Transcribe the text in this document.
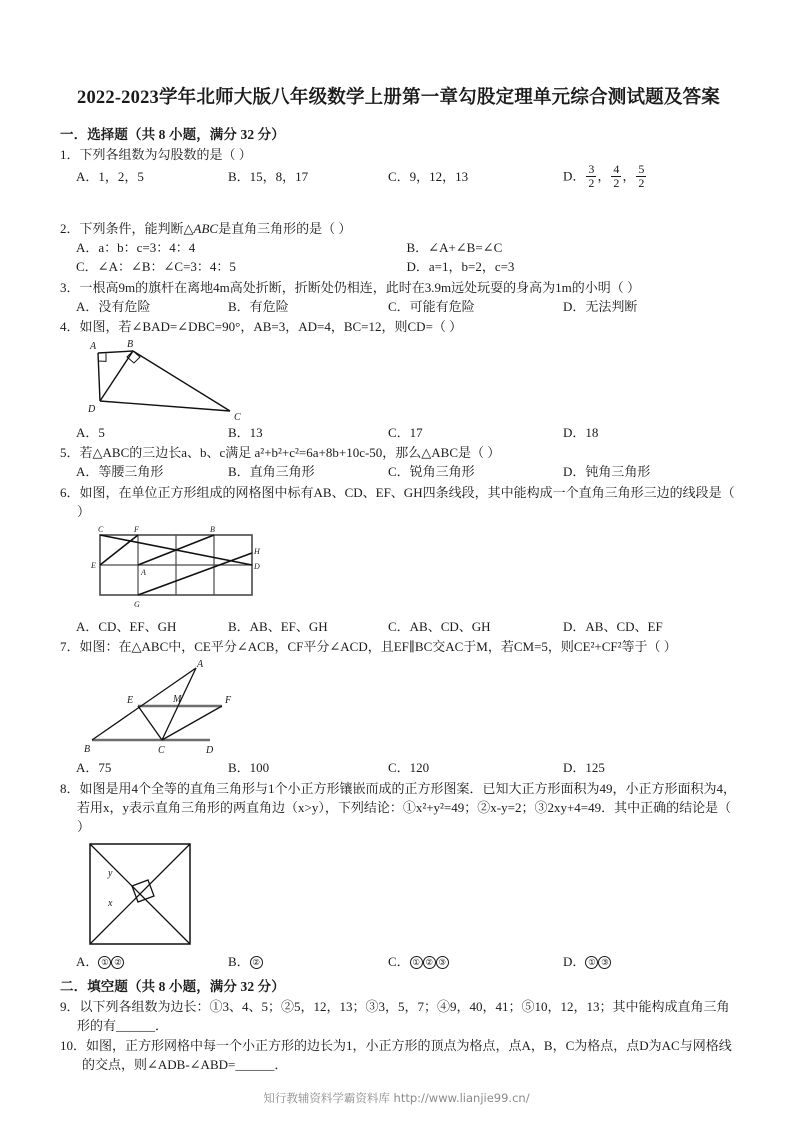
2022-2023学年北师大版八年级数学上册第一章勾股定理单元综合测试题及答案
一．选择题（共 8 小题，满分 32 分）
1．下列各组数为勾股数的是（ ）
A．1，2，5	B．15，8，17	C．9，12，13	D． $\frac{3}{2}$ ， $\frac{4}{2}$ ， $\frac{5}{2}$
2．下列条件，能判断△ABC是直角三角形的是（ ）
A．a：b：c=3：4：4	B．∠A+∠B=∠C
C．∠A：∠B：∠C=3：4：5	D．a=1，b=2，c=3
3．一根高9m的旗杆在离地4m高处折断，折断处仍相连，此时在3.9m远处玩耍的身高为1m的小明（ ）
A．没有危险	B．有危险	C．可能有危险	D．无法判断
4．如图，若∠BAD=∠DBC=90°，AB=3，AD=4，BC=12，则CD=（ ）
A	B
D
C
A．5	B．13	C．17	D．18
5．若△ABC的三边长a、b、c满足 a²+b²+c²=6a+8b+10c-50，那么△ABC是（ ）
A．等腰三角形	B．直角三角形	C．锐角三角形	D．钝角三角形
6．如图，在单位正方形组成的网格图中标有AB、CD、EF、GH四条线段，其中能构成一个直角三角形三边的线段是（ ）
C	F	B
E
A
H
D
G
A．CD、EF、GH	B．AB、EF、GH	C．AB、CD、GH	D．AB、CD、EF
7．如图：在△ABC中，CE平分∠ACB，CF平分∠ACD，且EF∥BC交AC于M，若CM=5，则CE²+CF²等于（ ）
A
B	C	D
E	F
M
A．75	B．100	C．120	D．125
8．如图是用4个全等的直角三角形与1个小正方形镶嵌而成的正方形图案．已知大正方形面积为49，小正方形面积为4，若用x，y表示直角三角形的两直角边（x>y），下列结论：①x²+y²=49；②x-y=2；③2xy+4=49．其中正确的结论是（ ）
y
x
A． ① ②	B． ②	C． ① ② ③	D． ① ③
二．填空题（共 8 小题，满分 32 分）
9．以下列各组数为边长：①3、4、5；②5，12，13；③3，5，7；④9，40，41；⑤10，12，13；其中能构成直角三角形的有______．
10．如图，正方形网格中每一个小正方形的边长为1，小正方形的顶点为格点，点A，B，C为格点，点D为AC与网格线的交点，则∠ADB-∠ABD=______．
知行教辅资料学霸资料库 http://www.lianjie99.cn/
